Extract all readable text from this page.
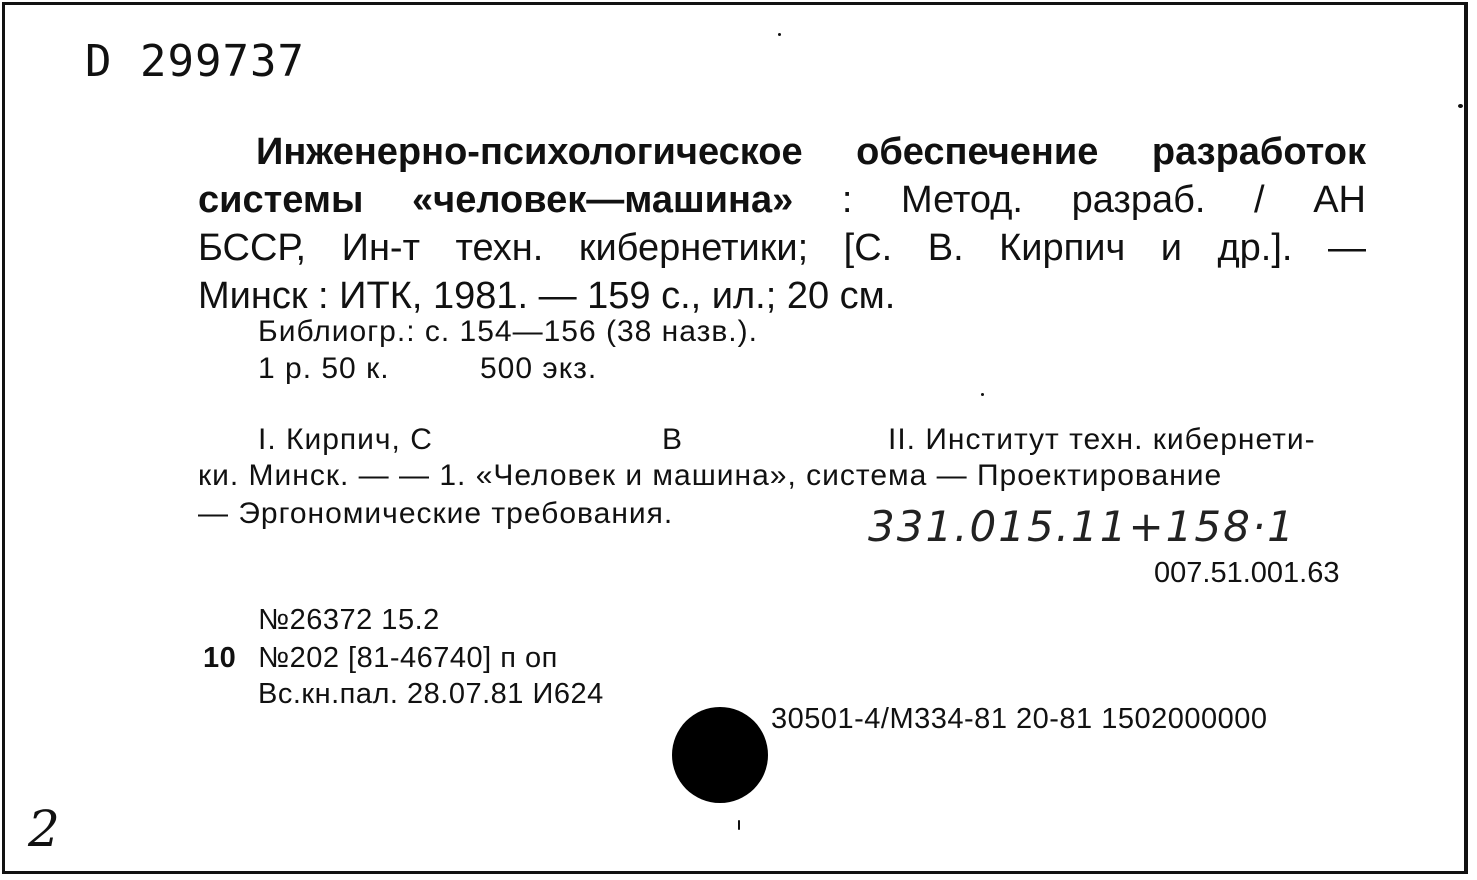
D 299737
Инженерно-психологическое обеспечение разработок
системы «человек—машина» : Метод. разраб. / АН
БССР, Ин-т техн. кибернетики; [С. В. Кирпич и др.]. —
Минск : ИТК, 1981. — 159 с., ил.; 20 см.
Библиогр.: с. 154—156 (38 назв.).
1 р. 50 к.	500 экз.
I. Кирпич, С	В	II. Институт техн. кибернети-
ки. Минск. — — 1. «Человек и машина», система — Проектирование
— Эргономические требования.	331.015.11+158·1
007.51.001.63
№26372 15.2
10 №202 [81-46740] п оп
Вс.кн.пал. 28.07.81 И624
30501-4/М334-81 20-81 1502000000
2
